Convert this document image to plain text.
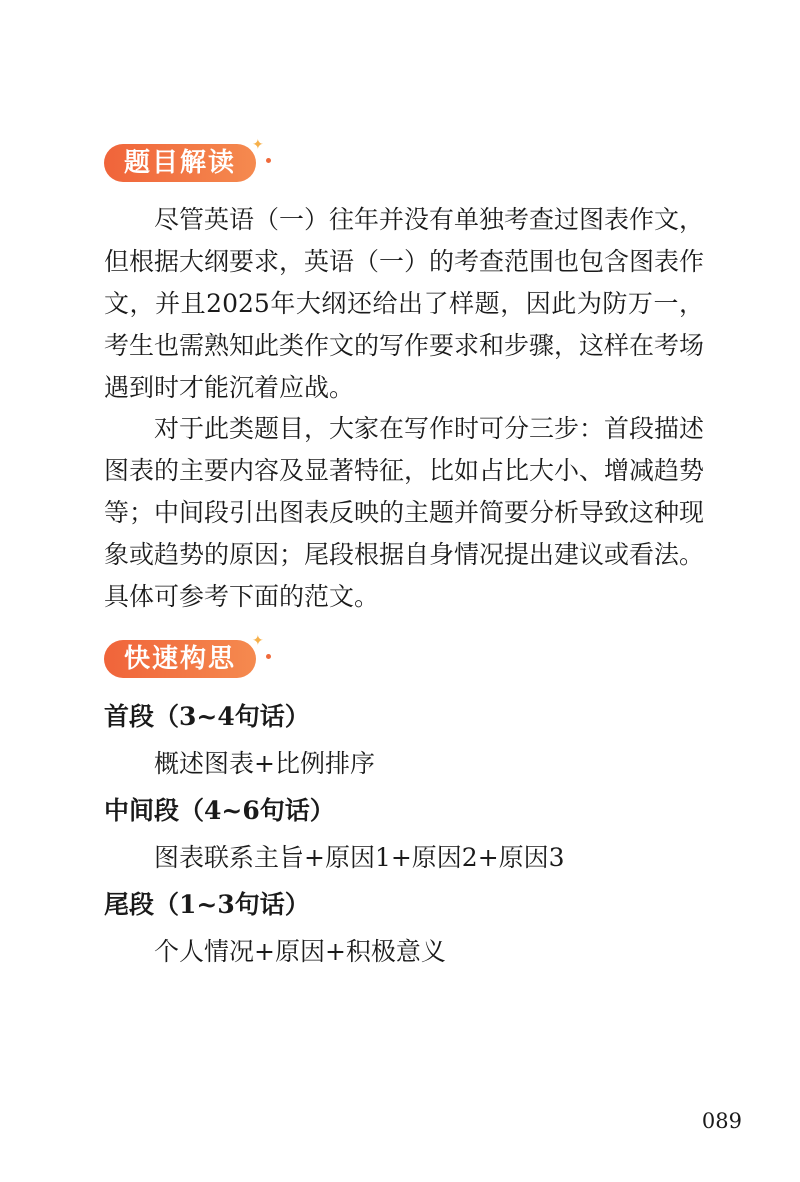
题目解读
✦

尽管英语（一）往年并没有单独考查过图表作文，但根据大纲要求，英语（一）的考查范围也包含图表作文，并且2025年大纲还给出了样题，因此为防万一，考生也需熟知此类作文的写作要求和步骤，这样在考场遇到时才能沉着应战。

对于此类题目，大家在写作时可分三步：首段描述图表的主要内容及显著特征，比如占比大小、增减趋势等；中间段引出图表反映的主题并简要分析导致这种现象或趋势的原因；尾段根据自身情况提出建议或看法。具体可参考下面的范文。

快速构思
✦
首段（3~4句话）
概述图表+比例排序
中间段（4~6句话）
图表联系主旨+原因1+原因2+原因3
尾段（1~3句话）
个人情况+原因+积极意义
089
